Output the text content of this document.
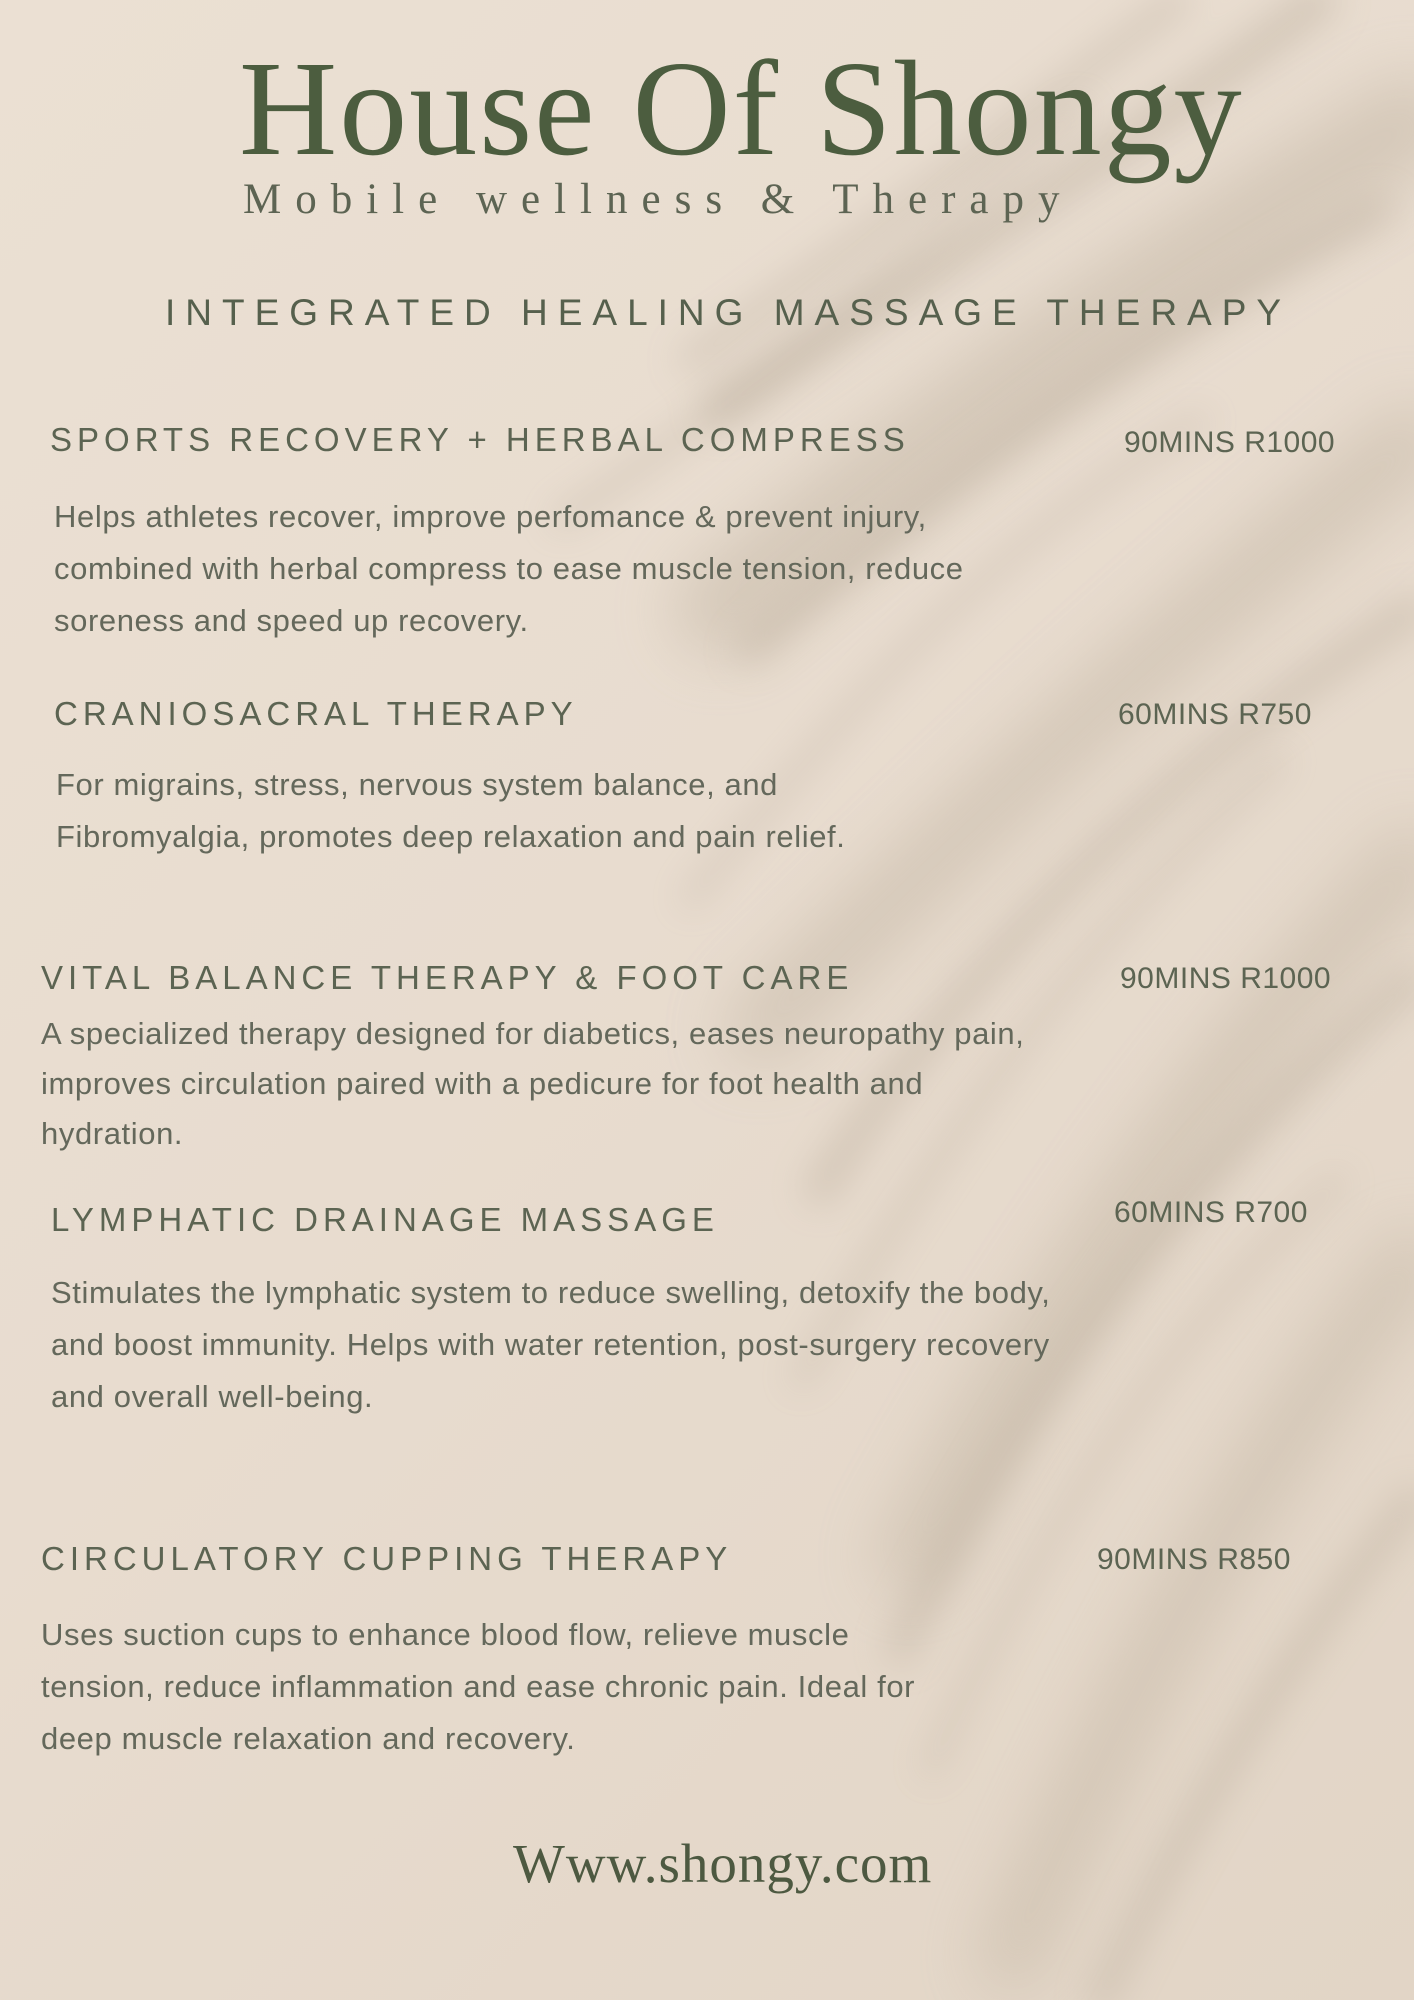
House Of Shongy
Mobile wellness & Therapy
INTEGRATED HEALING MASSAGE THERAPY
SPORTS RECOVERY + HERBAL COMPRESS	90MINS R1000
Helps athletes recover, improve perfomance & prevent injury, combined with herbal compress to ease muscle tension, reduce soreness and speed up recovery.
CRANIOSACRAL THERAPY	60MINS R750
For migrains, stress, nervous system balance, and Fibromyalgia, promotes deep relaxation and pain relief.
VITAL BALANCE THERAPY & FOOT CARE	90MINS R1000
A specialized therapy designed for diabetics, eases neuropathy pain, improves circulation paired with a pedicure for foot health and hydration.
LYMPHATIC DRAINAGE MASSAGE	60MINS R700
Stimulates the lymphatic system to reduce swelling, detoxify the body, and boost immunity. Helps with water retention, post-surgery recovery and overall well-being.
CIRCULATORY CUPPING THERAPY	90MINS R850
Uses suction cups to enhance blood flow, relieve muscle tension, reduce inflammation and ease chronic pain. Ideal for deep muscle relaxation and recovery.
Www.shongy.com
